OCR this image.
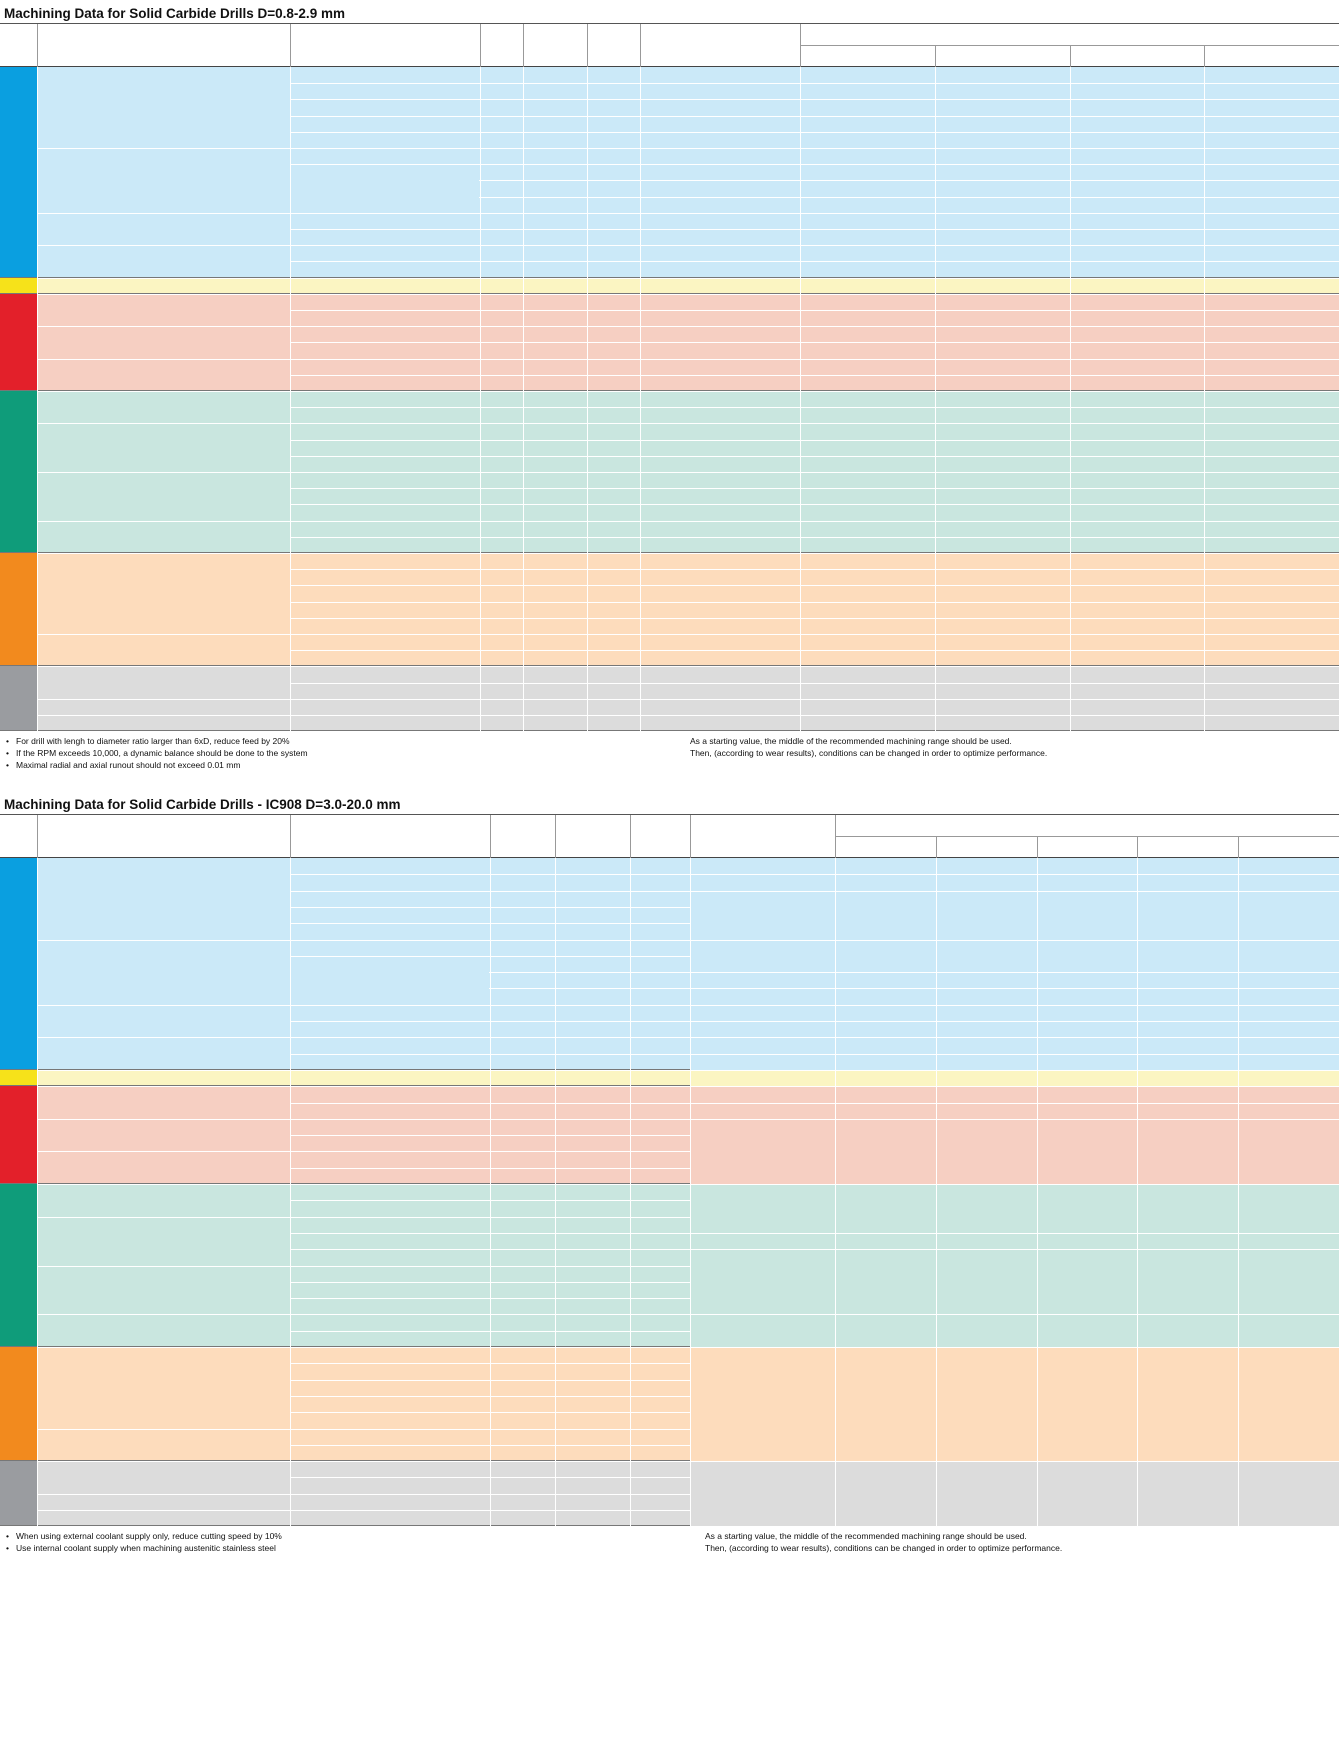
Machining Data for Solid Carbide Drills D=0.8-2.9 mm
• For drill with lengh to diameter ratio larger than 6xD, reduce feed by 20%
• If the RPM exceeds 10,000, a dynamic balance should be done to the system
• Maximal radial and axial runout should not exceed 0.01 mm
As a starting value, the middle of the recommended machining range should be used.
Then, (according to wear results), conditions can be changed in order to optimize performance.
Machining Data for Solid Carbide Drills - IC908 D=3.0-20.0 mm
• When using external coolant supply only, reduce cutting speed by 10%
• Use internal coolant supply when machining austenitic stainless steel
As a starting value, the middle of the recommended machining range should be used.
Then, (according to wear results), conditions can be changed in order to optimize performance.
